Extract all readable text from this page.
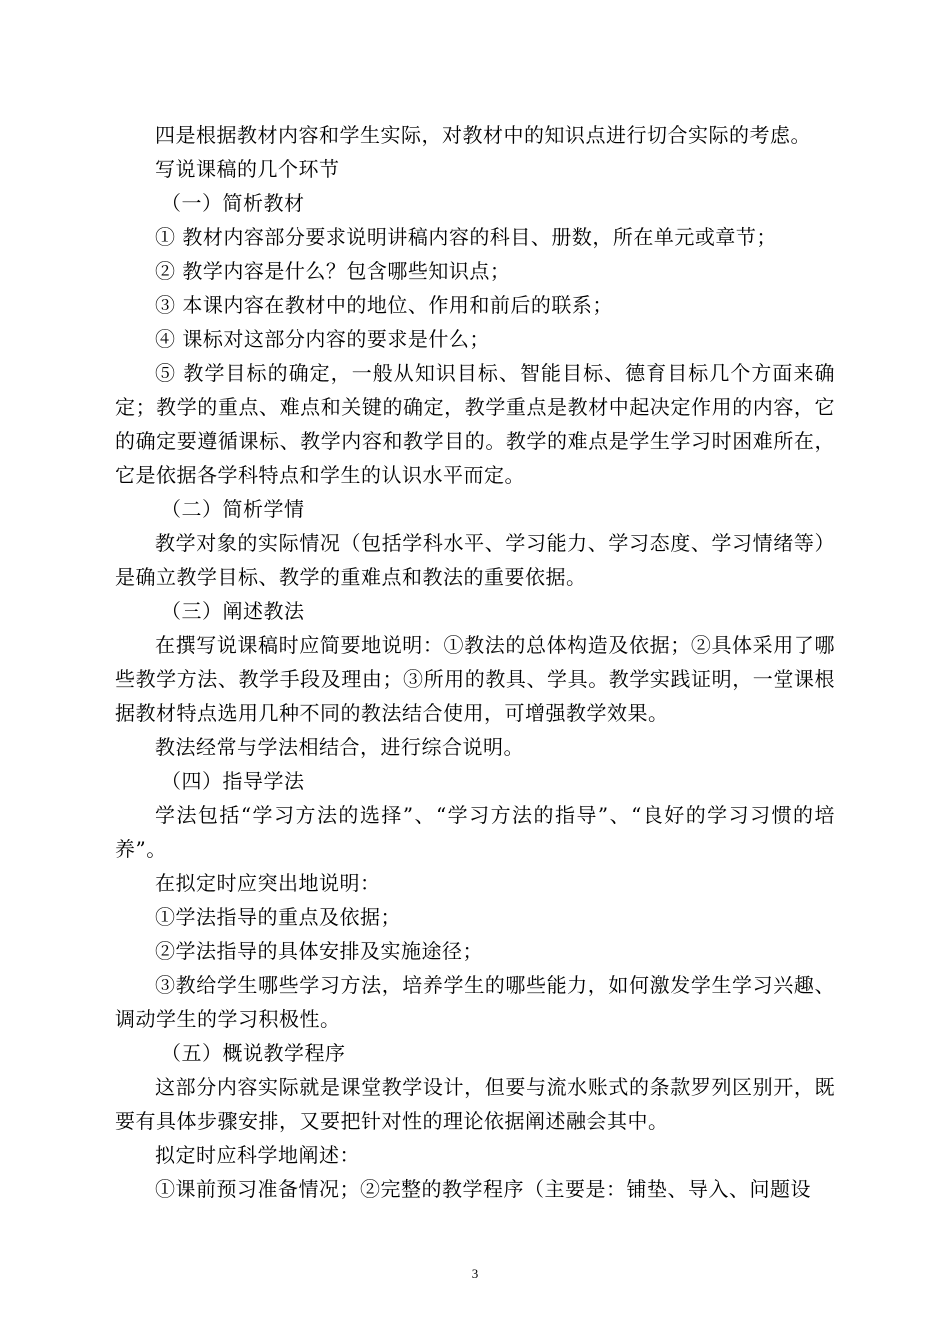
四是根据教材内容和学生实际，对教材中的知识点进行切合实际的考虑。

写说课稿的几个环节

（一）简析教材

① 教材内容部分要求说明讲稿内容的科目、册数，所在单元或章节；

② 教学内容是什么？包含哪些知识点；

③ 本课内容在教材中的地位、作用和前后的联系；

④ 课标对这部分内容的要求是什么；

⑤ 教学目标的确定，一般从知识目标、智能目标、德育目标几个方面来确定；教学的重点、难点和关键的确定，教学重点是教材中起决定作用的内容，它的确定要遵循课标、教学内容和教学目的。教学的难点是学生学习时困难所在，它是依据各学科特点和学生的认识水平而定。

（二）简析学情

教学对象的实际情况（包括学科水平、学习能力、学习态度、学习情绪等）是确立教学目标、教学的重难点和教法的重要依据。

（三）阐述教法

在撰写说课稿时应简要地说明：①教法的总体构造及依据；②具体采用了哪些教学方法、教学手段及理由；③所用的教具、学具。教学实践证明，一堂课根据教材特点选用几种不同的教法结合使用，可增强教学效果。

教法经常与学法相结合，进行综合说明。

（四）指导学法

学法包括“学习方法的选择”、“学习方法的指导”、“良好的学习习惯的培养”。

在拟定时应突出地说明：

①学法指导的重点及依据；

②学法指导的具体安排及实施途径；

③教给学生哪些学习方法，培养学生的哪些能力，如何激发学生学习兴趣、调动学生的学习积极性。

（五）概说教学程序

这部分内容实际就是课堂教学设计，但要与流水账式的条款罗列区别开，既要有具体步骤安排，又要把针对性的理论依据阐述融会其中。

拟定时应科学地阐述：

①课前预习准备情况；②完整的教学程序（主要是：铺垫、导入、问题设

3
